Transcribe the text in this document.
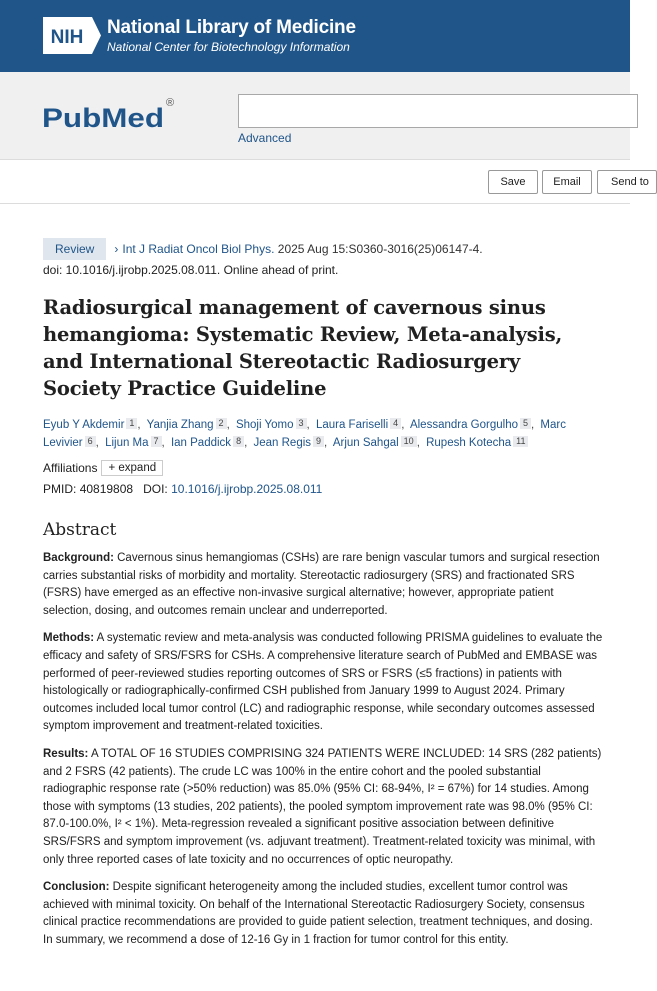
NIH National Library of Medicine
National Center for Biotechnology Information
PubMed ®
Advanced
Save	Email	Send to
Review › Int J Radiat Oncol Biol Phys. 2025 Aug 15:S0360-3016(25)06147-4.
doi: 10.1016/j.ijrobp.2025.08.011. Online ahead of print.
Radiosurgical management of cavernous sinus hemangioma: Systematic Review, Meta-analysis, and International Stereotactic Radiosurgery Society Practice Guideline
Eyub Y Akdemir 1 , Yanjia Zhang 2 , Shoji Yomo 3 , Laura Fariselli 4 , Alessandra Gorgulho 5 , Marc Levivier 6 , Lijun Ma 7 , Ian Paddick 8 , Jean Regis 9 , Arjun Sahgal 10 , Rupesh Kotecha 11
Affiliations + expand
PMID: 40819808 DOI: 10.1016/j.ijrobp.2025.08.011
Abstract

Background: Cavernous sinus hemangiomas (CSHs) are rare benign vascular tumors and surgical resection carries substantial risks of morbidity and mortality. Stereotactic radiosurgery (SRS) and fractionated SRS (FSRS) have emerged as an effective non-invasive surgical alternative; however, appropriate patient selection, dosing, and outcomes remain unclear and underreported.

Methods: A systematic review and meta-analysis was conducted following PRISMA guidelines to evaluate the efficacy and safety of SRS/FSRS for CSHs. A comprehensive literature search of PubMed and EMBASE was performed of peer-reviewed studies reporting outcomes of SRS or FSRS (≤5 fractions) in patients with histologically or radiographically-confirmed CSH published from January 1999 to August 2024. Primary outcomes included local tumor control (LC) and radiographic response, while secondary outcomes assessed symptom improvement and treatment-related toxicities.

Results: A TOTAL OF 16 STUDIES COMPRISING 324 PATIENTS WERE INCLUDED: 14 SRS (282 patients) and 2 FSRS (42 patients). The crude LC was 100% in the entire cohort and the pooled substantial radiographic response rate (>50% reduction) was 85.0% (95% CI: 68-94%, I² = 67%) for 14 studies. Among those with symptoms (13 studies, 202 patients), the pooled symptom improvement rate was 98.0% (95% CI: 87.0-100.0%, I² < 1%). Meta-regression revealed a significant positive association between definitive SRS/FSRS and symptom improvement (vs. adjuvant treatment). Treatment-related toxicity was minimal, with only three reported cases of late toxicity and no occurrences of optic neuropathy.

Conclusion: Despite significant heterogeneity among the included studies, excellent tumor control was achieved with minimal toxicity. On behalf of the International Stereotactic Radiosurgery Society, consensus clinical practice recommendations are provided to guide patient selection, treatment techniques, and dosing. In summary, we recommend a dose of 12-16 Gy in 1 fraction for tumor control for this entity.
